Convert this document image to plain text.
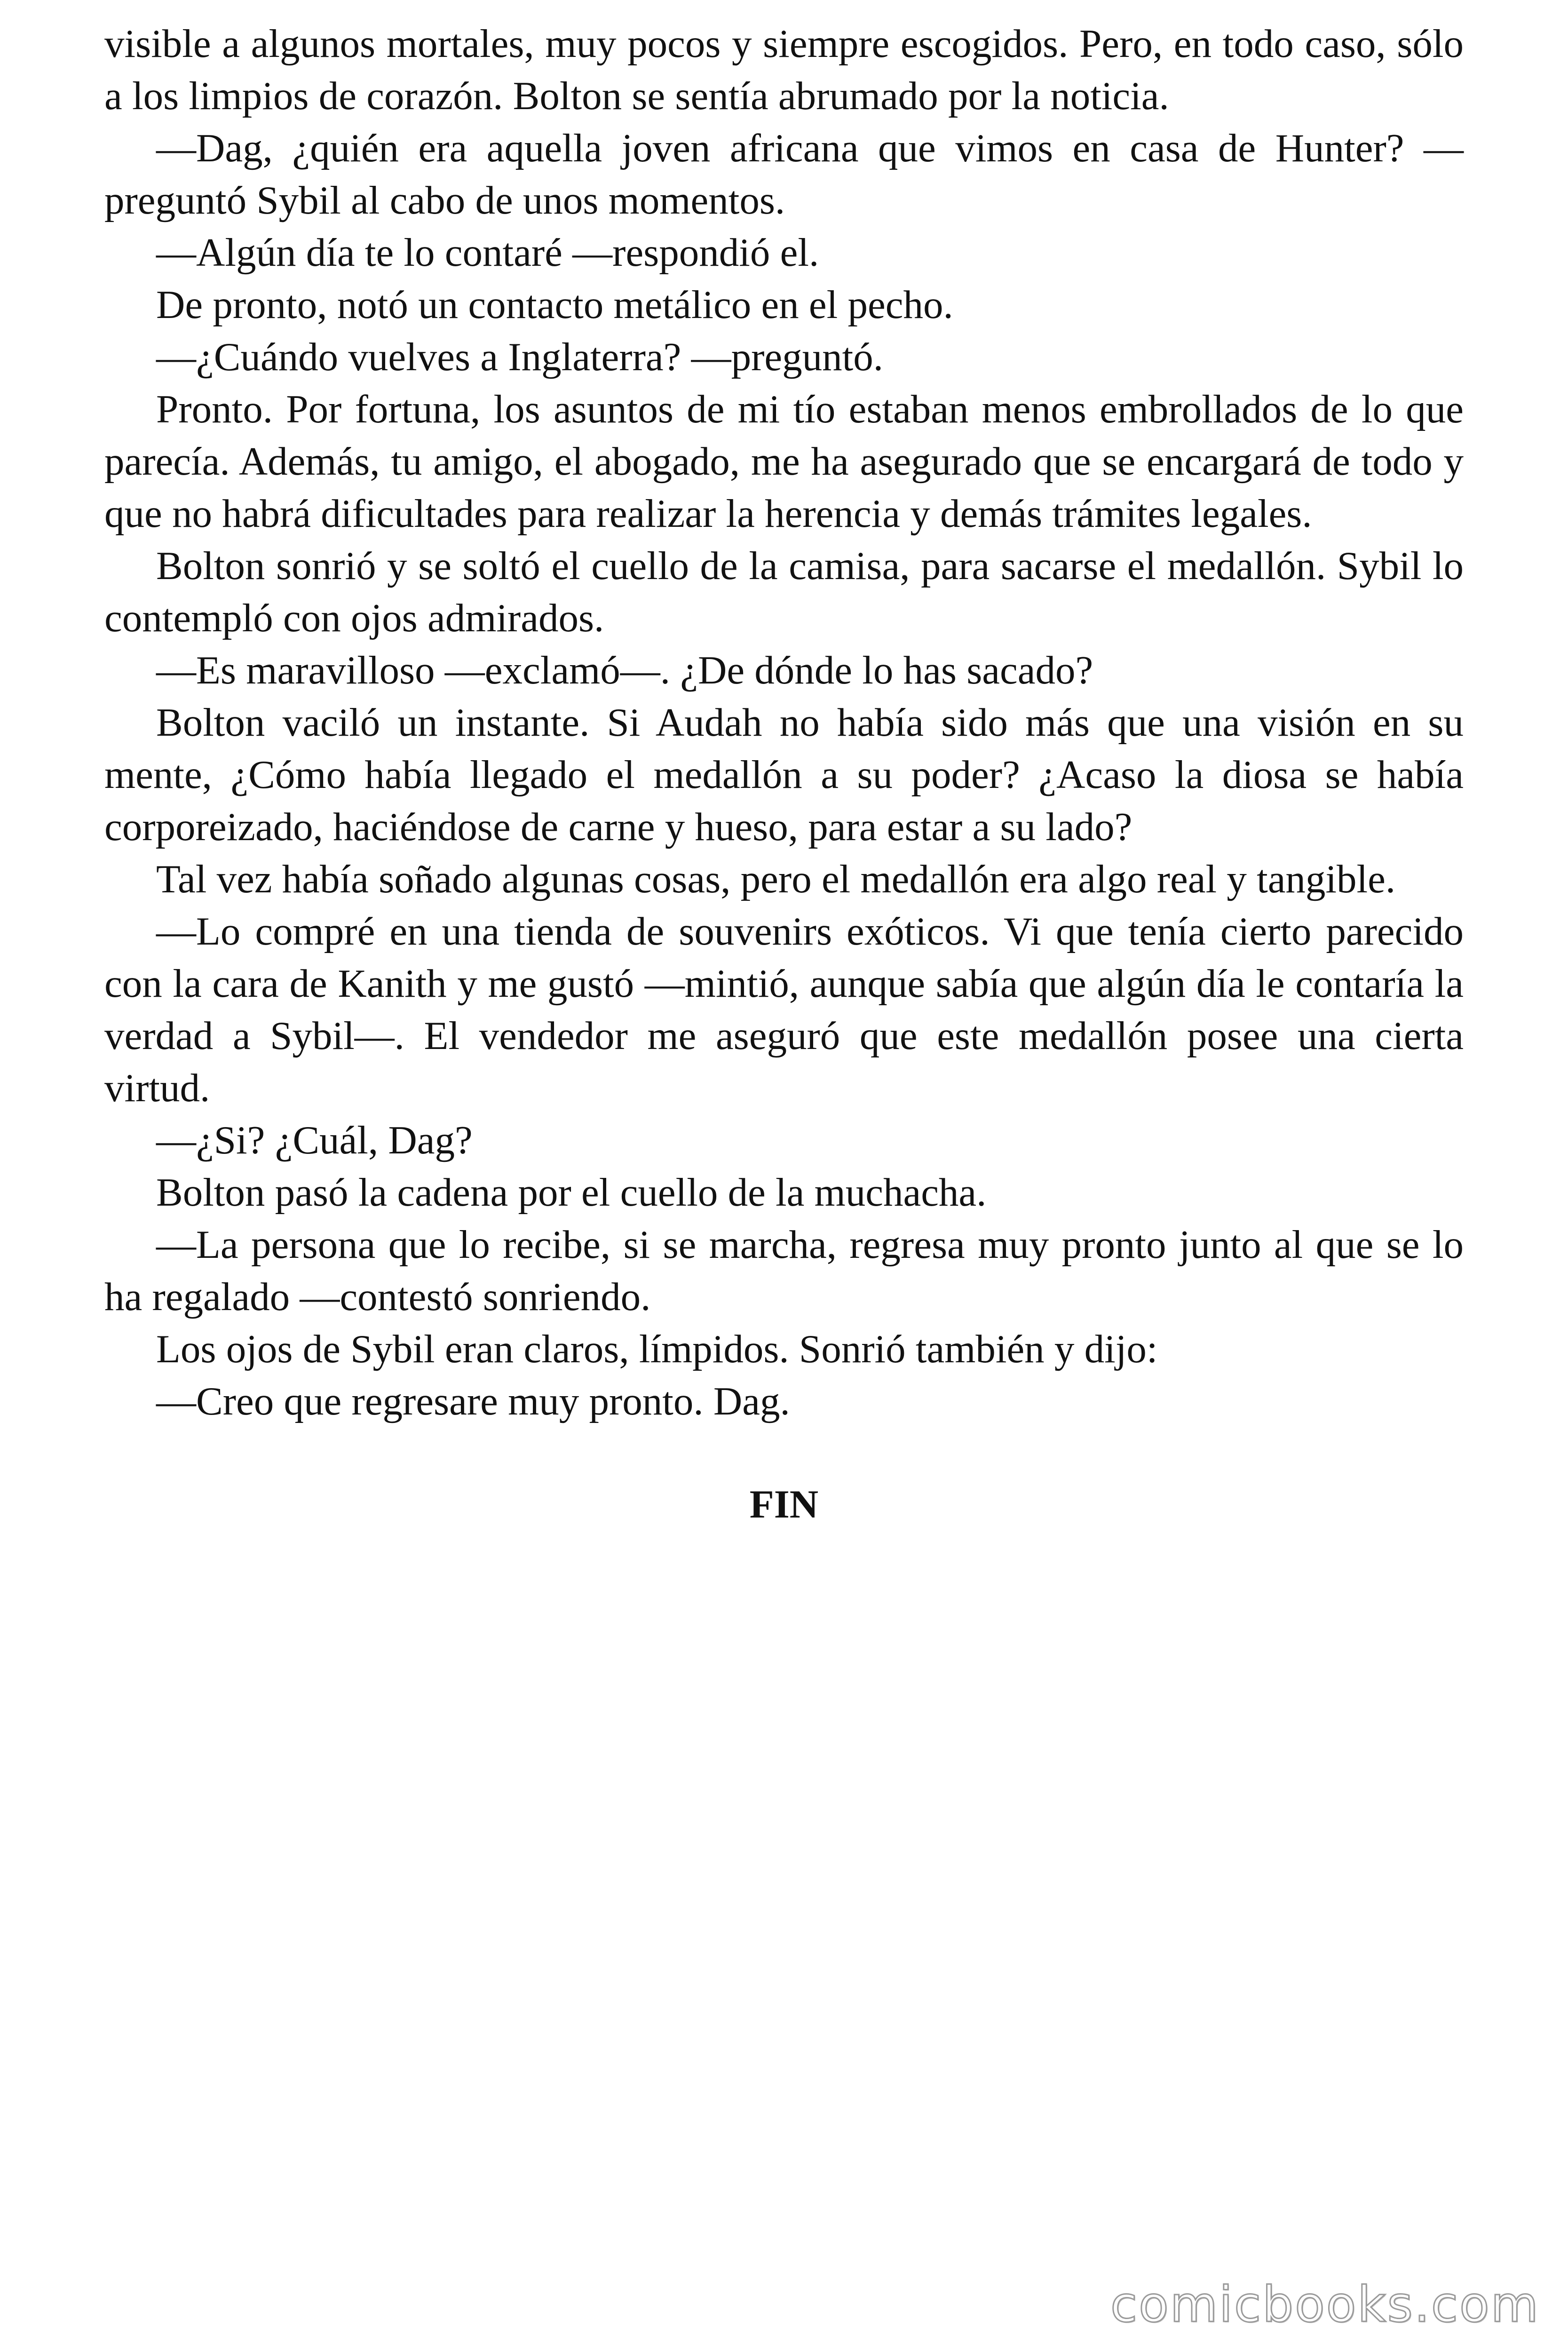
visible a algunos mortales, muy pocos y siempre escogidos. Pero, en todo caso, sólo a los limpios de corazón. Bolton se sentía abrumado por la noticia.

—Dag, ¿quién era aquella joven africana que vimos en casa de Hunter? —preguntó Sybil al cabo de unos momentos.

—Algún día te lo contaré —respondió el.

De pronto, notó un contacto metálico en el pecho.

—¿Cuándo vuelves a Inglaterra? —preguntó.

Pronto. Por fortuna, los asuntos de mi tío estaban menos embrollados de lo que parecía. Además, tu amigo, el abogado, me ha asegurado que se encargará de todo y que no habrá dificultades para realizar la herencia y demás trámites legales.

Bolton sonrió y se soltó el cuello de la camisa, para sacarse el medallón. Sybil lo contempló con ojos admirados.

—Es maravilloso —exclamó—. ¿De dónde lo has sacado?

Bolton vaciló un instante. Si Audah no había sido más que una visión en su mente, ¿Cómo había llegado el medallón a su poder? ¿Acaso la diosa se había corporeizado, haciéndose de carne y hueso, para estar a su lado?

Tal vez había soñado algunas cosas, pero el medallón era algo real y tangible.

—Lo compré en una tienda de souvenirs exóticos. Vi que tenía cierto parecido con la cara de Kanith y me gustó —mintió, aunque sabía que algún día le contaría la verdad a Sybil—. El vendedor me aseguró que este medallón posee una cierta virtud.

—¿Si? ¿Cuál, Dag?

Bolton pasó la cadena por el cuello de la muchacha.

—La persona que lo recibe, si se marcha, regresa muy pronto junto al que se lo ha regalado —contestó sonriendo.

Los ojos de Sybil eran claros, límpidos. Sonrió también y dijo:

—Creo que regresare muy pronto. Dag.

FIN
comicbooks.com
